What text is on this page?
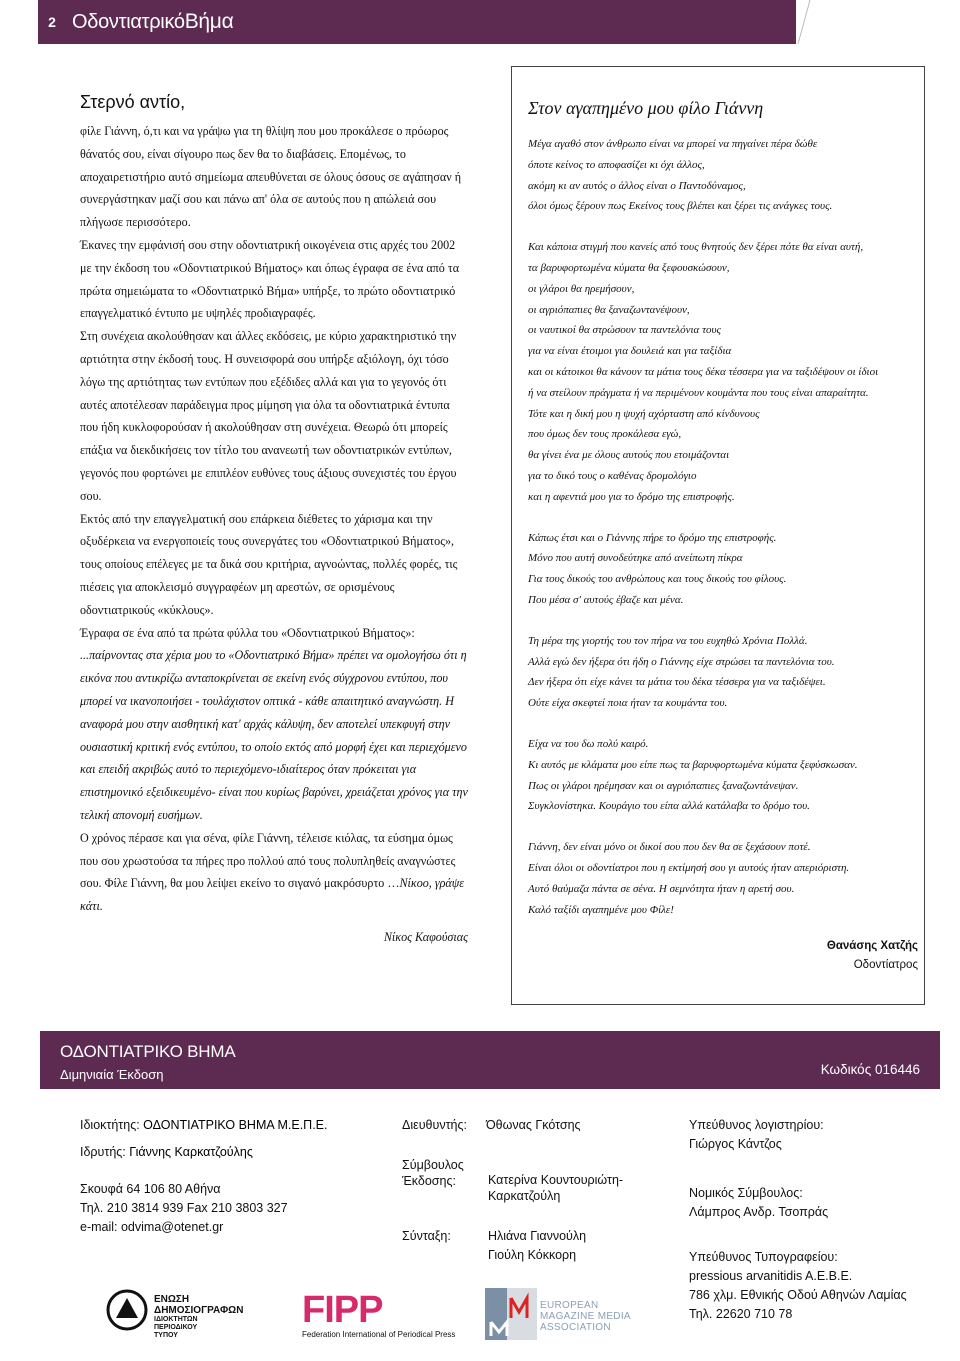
2 ΟδοντιατρικόΒήμα
Στερνό αντίο,

φίλε Γιάννη, ό,τι και να γράψω για τη θλίψη που μου προκάλεσε ο πρόωρος θάνατός σου, είναι σίγουρο πως δεν θα το διαβάσεις. Επομένως, το αποχαιρετιστήριο αυτό σημείωμα απευθύνεται σε όλους όσους σε αγάπησαν ή συνεργάστηκαν μαζί σου και πάνω απ' όλα σε αυτούς που η απώλειά σου πλήγωσε περισσότερο.

Έκανες την εμφάνισή σου στην οδοντιατρική οικογένεια στις αρχές του 2002 με την έκδοση του «Οδοντιατρικού Βήματος» και όπως έγραφα σε ένα από τα πρώτα σημειώματα το «Οδοντιατρικό Βήμα» υπήρξε, το πρώτο οδοντιατρικό επαγγελματικό έντυπο με υψηλές προδιαγραφές.

Στη συνέχεια ακολούθησαν και άλλες εκδόσεις, με κύριο χαρακτηριστικό την αρτιότητα στην έκδοσή τους. Η συνεισφορά σου υπήρξε αξιόλογη, όχι τόσο λόγω της αρτιότητας των εντύπων που εξέδιδες αλλά και για το γεγονός ότι αυτές αποτέλεσαν παράδειγμα προς μίμηση για όλα τα οδοντιατρικά έντυπα που ήδη κυκλοφορούσαν ή ακολούθησαν στη συνέχεια. Θεωρώ ότι μπορείς επάξια να διεκδικήσεις τον τίτλο του ανανεωτή των οδοντιατρικών εντύπων, γεγονός που φορτώνει με επιπλέον ευθύνες τους άξιους συνεχιστές του έργου σου.

Εκτός από την επαγγελματική σου επάρκεια διέθετες το χάρισμα και την οξυδέρκεια να ενεργοποιείς τους συνεργάτες του «Οδοντιατρικού Βήματος», τους οποίους επέλεγες με τα δικά σου κριτήρια, αγνοώντας, πολλές φορές, τις πιέσεις για αποκλεισμό συγγραφέων μη αρεστών, σε ορισμένους οδοντιατρικούς «κύκλους».

Έγραφα σε ένα από τα πρώτα φύλλα του «Οδοντιατρικού Βήματος»:

...παίρνοντας στα χέρια μου το «Οδοντιατρικό Βήμα» πρέπει να ομολογήσω ότι η εικόνα που αντικρίζω ανταποκρίνεται σε εκείνη ενός σύγχρονου εντύπου, που μπορεί να ικανοποιήσει - τουλάχιστον οπτικά - κάθε απαιτητικό αναγνώστη. Η αναφορά μου στην αισθητική κατ' αρχάς κάλυψη, δεν αποτελεί υπεκφυγή στην ουσιαστική κριτική ενός εντύπου, το οποίο εκτός από μορφή έχει και περιεχόμενο και επειδή ακριβώς αυτό το περιεχόμενο-ιδιαίτερος όταν πρόκειται για επιστημονικό εξειδικευμένο- είναι που κυρίως βαρύνει, χρειάζεται χρόνος για την τελική απονομή ευσήμων.

Ο χρόνος πέρασε και για σένα, φίλε Γιάννη, τέλεισε κιόλας, τα εύσημα όμως που σου χρωστούσα τα πήρες προ πολλού από τους πολυπληθείς αναγνώστες σου. Φίλε Γιάννη, θα μου λείψει εκείνο το σιγανό μακρόσυρτο …Νίκοο, γράψε κάτι.

Νίκος Καφούσιας
Στον αγαπημένο μου φίλο Γιάννη

Μέγα αγαθό στον άνθρωπο είναι να μπορεί να πηγαίνει πέρα δώθε

όποτε κείνος το αποφασίζει κι όχι άλλος,

ακόμη κι αν αυτός ο άλλος είναι ο Παντοδύναμος,

όλοι όμως ξέρουν πως Εκείνος τους βλέπει και ξέρει τις ανάγκες τους.

Και κάποια στιγμή που κανείς από τους θνητούς δεν ξέρει πότε θα είναι αυτή,

τα βαρυφορτωμένα κύματα θα ξεφουσκώσουν,

οι γλάροι θα ηρεμήσουν,

οι αγριόπαπιες θα ξαναζωντανέψουν,

οι ναυτικοί θα στρώσουν τα παντελόνια τους

για να είναι έτοιμοι για δουλειά και για ταξίδια

και οι κάτοικοι θα κάνουν τα μάτια τους δέκα τέσσερα για να ταξιδέψουν οι ίδιοι

ή να στείλουν πράγματα ή να περιμένουν κουμάντα που τους είναι απαραίτητα.

Τότε και η δική μου η ψυχή αχόρταστη από κίνδυνους

που όμως δεν τους προκάλεσα εγώ,

θα γίνει ένα με όλους αυτούς που ετοιμάζονται

για το δικό τους ο καθένας δρομολόγιο

και η αφεντιά μου για το δρόμο της επιστροφής.

Κάπως έτσι και ο Γιάννης πήρε το δρόμο της επιστροφής.

Μόνο που αυτή συνοδεύτηκε από ανείπωτη πίκρα

Για τους δικούς του ανθρώπους και τους δικούς του φίλους.

Που μέσα σ' αυτούς έβαζε και μένα.

Τη μέρα της γιορτής του τον πήρα να του ευχηθώ Χρόνια Πολλά.

Αλλά εγώ δεν ήξερα ότι ήδη ο Γιάννης είχε στρώσει τα παντελόνια του.

Δεν ήξερα ότι είχε κάνει τα μάτια του δέκα τέσσερα για να ταξιδέψει.

Ούτε είχα σκεφτεί ποια ήταν τα κουμάντα του.

Είχα να του δω πολύ καιρό.

Κι αυτός με κλάματα μου είπε πως τα βαρυφορτωμένα κύματα ξεφύσκωσαν.

Πως οι γλάροι ηρέμησαν και οι αγριόπαπιες ξαναζωντάνεψαν.

Συγκλονίστηκα. Κουράγιο του είπα αλλά κατάλαβα το δρόμο του.

Γιάννη, δεν είναι μόνο οι δικοί σου που δεν θα σε ξεχάσουν ποτέ.

Είναι όλοι οι οδοντίατροι που η εκτίμησή σου γι αυτούς ήταν απεριόριστη.

Αυτό θαύμαζα πάντα σε σένα. Η σεμνότητα ήταν η αρετή σου.

Καλό ταξίδι αγαπημένε μου Φίλε!

Θανάσης Χατζής
Οδοντίατρος
ΟΔΟΝΤΙΑΤΡΙΚΟ ΒΗΜΑ
Διμηνιαία Έκδοση	Κωδικός 016446
Ιδιοκτήτης: ΟΔΟΝΤΙΑΤΡΙΚΟ ΒΗΜΑ Μ.Ε.Π.Ε.
Ιδρυτής: Γιάννης Καρκατζούλης
Σκουφά 64 106 80 Αθήνα
Τηλ. 210 3814 939 Fax 210 3803 327
e-mail: odvima@otenet.gr
Διευθυντής: Όθωνας Γκότσης
Σύμβουλος
Έκδοσης:	Κατερίνα Κουντουριώτη-
Καρκατζούλη
Σύνταξη:	Ηλιάνα Γιαννούλη
Γιούλη Κόκκορη
Υπεύθυνος λογιστηρίου:
Γιώργος Κάντζος
Νομικός Σύμβουλος:
Λάμπρος Ανδρ. Τσοπράς
Υπεύθυνος Τυπογραφείου:
pressious arvanitidis A.E.B.E.
786 χλμ. Εθνικής Οδού Αθηνών Λαμίας
Τηλ. 22620 710 78
ΕΝΩΣΗ
ΔΗΜΟΣΙΟΓΡΑΦΩΝ
ΙΔΙΟΚΤΗΤΩΝ
ΠΕΡΙΟΔΙΚΟΥ
ΤΥΠΟΥ
FIPP
Federation International of Periodical Press
EUROPEAN
MAGAZINE MEDIA
ASSOCIATION
